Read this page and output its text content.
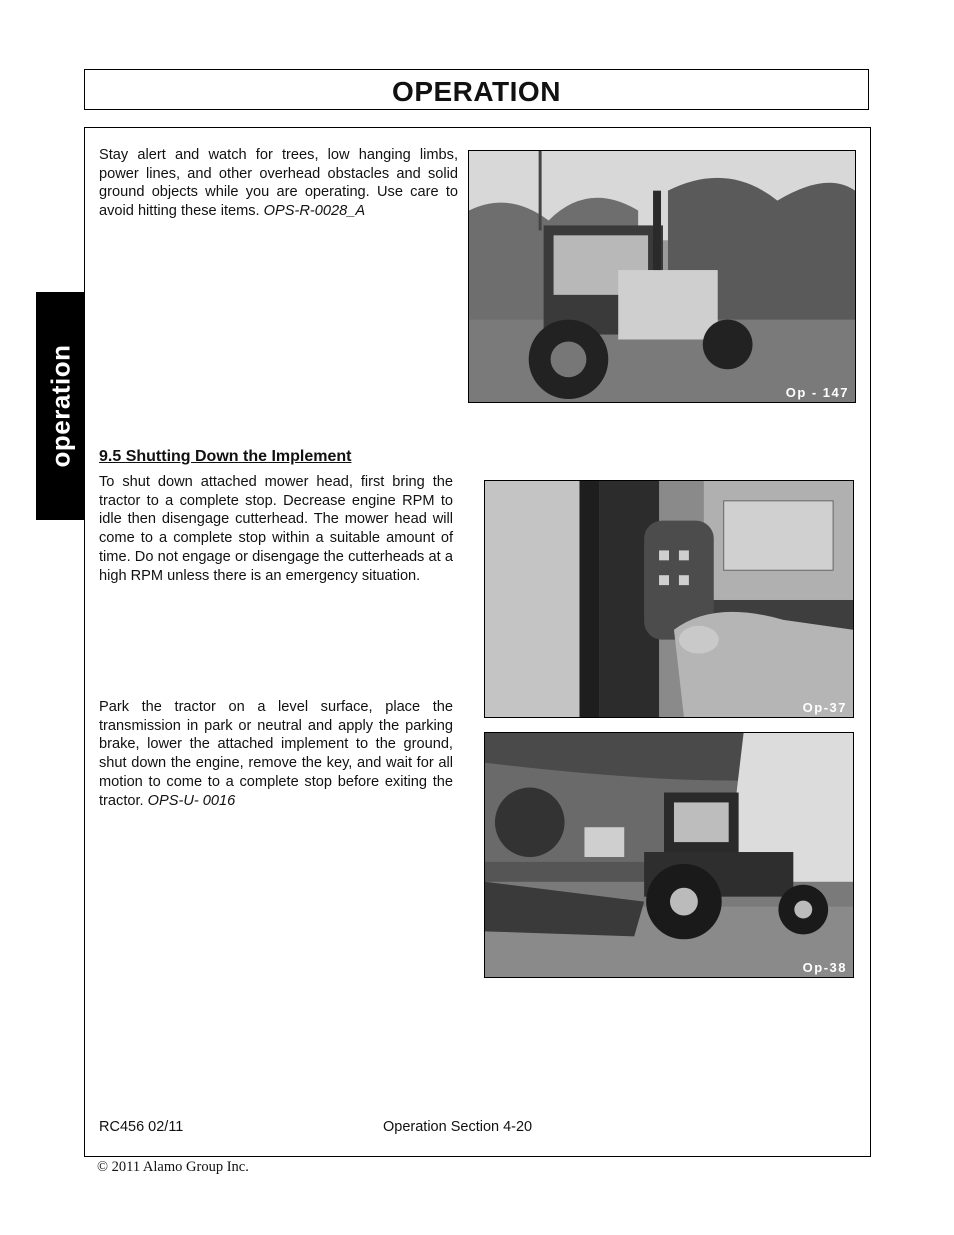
OPERATION
operation

Stay alert and watch for trees, low hanging limbs, power lines, and other overhead obstacles and solid ground objects while you are operating. Use care to avoid hitting these items. OPS-R-0028_A

Op - 147
9.5 Shutting Down the Implement

To shut down attached mower head, first bring the tractor to a complete stop. Decrease engine RPM to idle then disengage cutterhead. The mower head will come to a complete stop within a suitable amount of time. Do not engage or disengage the cutterheads at a high RPM unless there is an emergency situation.

Op-37

Park the tractor on a level surface, place the transmission in park or neutral and apply the parking brake, lower the attached implement to the ground, shut down the engine, remove the key, and wait for all motion to come to a complete stop before exiting the tractor. OPS-U- 0016

Op-38
RC456 02/11	Operation Section 4-20
© 2011 Alamo Group Inc.
